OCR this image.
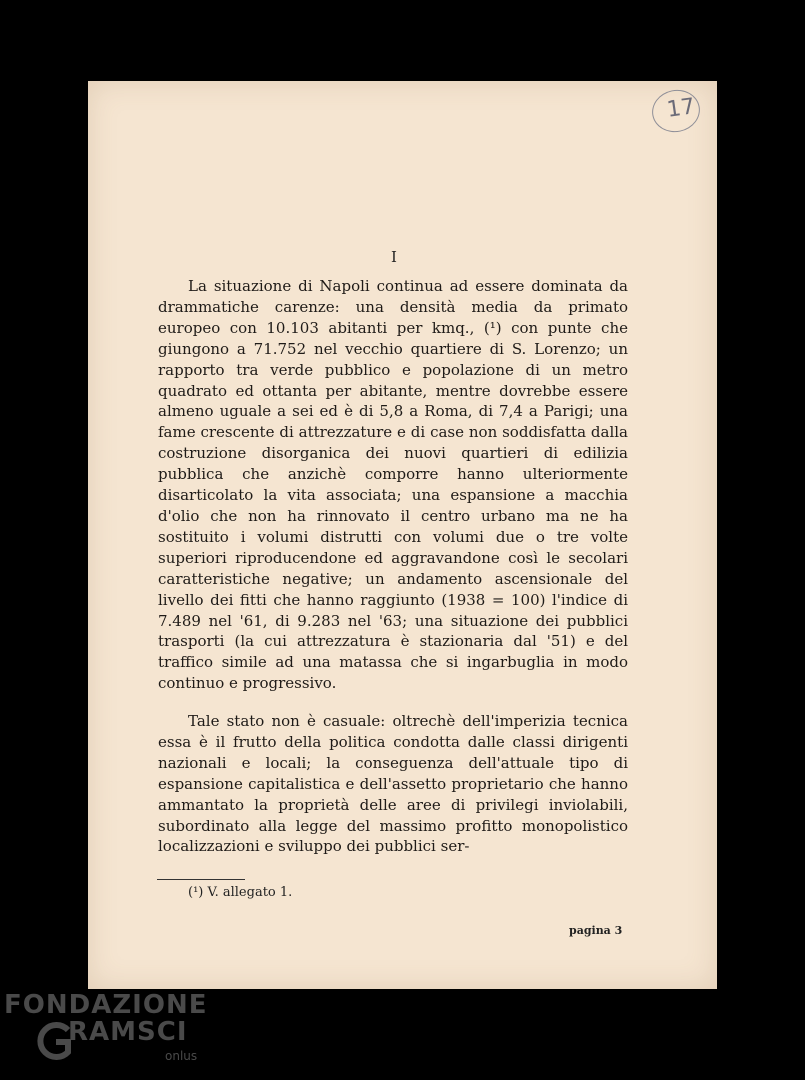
17
I

La situazione di Napoli continua ad essere dominata da drammatiche carenze: una densità media da primato europeo con 10.103 abitanti per kmq., (¹) con punte che giungono a 71.752 nel vecchio quartiere di S. Lorenzo; un rapporto tra verde pubblico e popolazione di un metro quadrato ed ottanta per abitante, mentre dovrebbe essere almeno uguale a sei ed è di 5,8 a Roma, di 7,4 a Parigi; una fame crescente di attrezzature e di case non soddisfatta dalla costruzione disorganica dei nuovi quartieri di edilizia pubblica che anzichè comporre hanno ulteriormente disarticolato la vita associata; una espansione a macchia d'olio che non ha rinnovato il centro urbano ma ne ha sostituito i volumi distrutti con volumi due o tre volte superiori riproducendone ed aggravandone così le secolari caratteristiche negative; un andamento ascensionale del livello dei fitti che hanno raggiunto (1938 = 100) l'indice di 7.489 nel '61, di 9.283 nel '63; una situazione dei pubblici trasporti (la cui attrezzatura è stazionaria dal '51) e del traffico simile ad una matassa che si ingarbuglia in modo continuo e progressivo.

Tale stato non è casuale: oltrechè dell'imperizia tecnica essa è il frutto della politica condotta dalle classi dirigenti nazionali e locali; la conseguenza dell'attuale tipo di espansione capitalistica e dell'assetto proprietario che hanno ammantato la proprietà delle aree di privilegi inviolabili, subordinato alla legge del massimo profitto monopolistico localizzazioni e sviluppo dei pubblici ser-

(¹) V. allegato 1.
pagina 3
FONDAZIONE
RAMSCI
onlus
